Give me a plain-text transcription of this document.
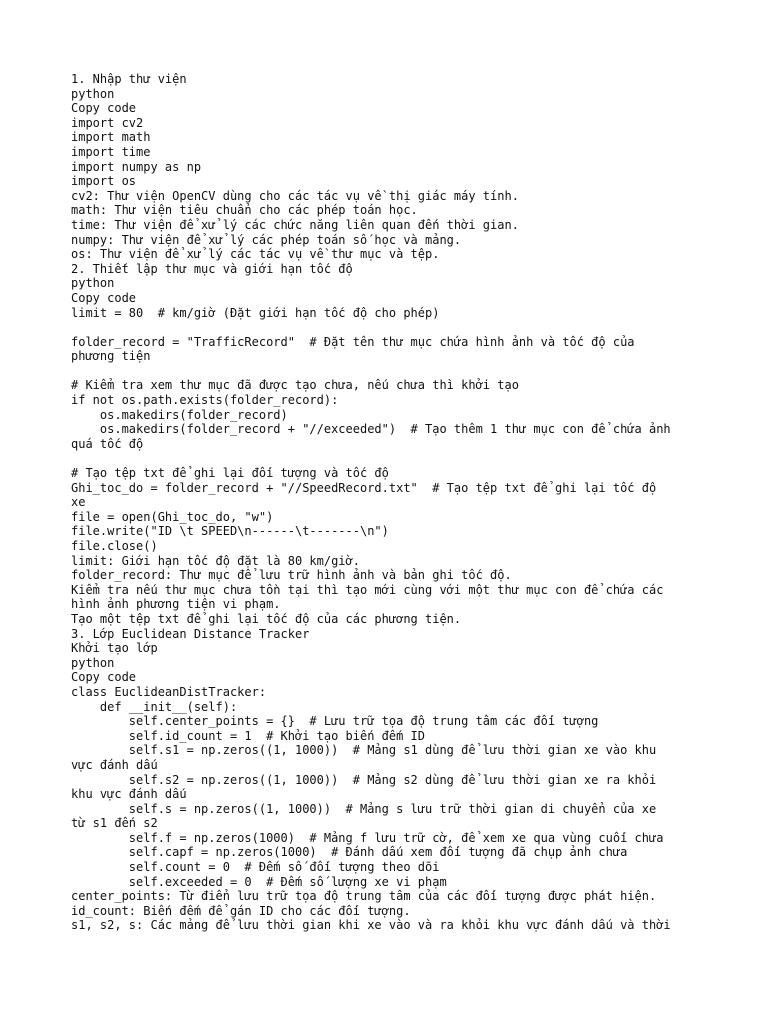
1. Nhập thư viện
python
Copy code
import cv2
import math
import time
import numpy as np
import os
cv2: Thư viện OpenCV dùng cho các tác vụ về thị giác máy tính.
math: Thư viện tiêu chuẩn cho các phép toán học.
time: Thư viện để xử lý các chức năng liên quan đến thời gian.
numpy: Thư viện để xử lý các phép toán số học và mảng.
os: Thư viện để xử lý các tác vụ về thư mục và tệp.
2. Thiết lập thư mục và giới hạn tốc độ
python
Copy code
limit = 80  # km/giờ (Đặt giới hạn tốc độ cho phép)
folder_record = "TrafficRecord"  # Đặt tên thư mục chứa hình ảnh và tốc độ của
phương tiện
# Kiểm tra xem thư mục đã được tạo chưa, nếu chưa thì khởi tạo
if not os.path.exists(folder_record):
os.makedirs(folder_record)
os.makedirs(folder_record + "//exceeded")  # Tạo thêm 1 thư mục con để chứa ảnh
quá tốc độ
# Tạo tệp txt để ghi lại đối tượng và tốc độ
Ghi_toc_do = folder_record + "//SpeedRecord.txt"  # Tạo tệp txt để ghi lại tốc độ
xe
file = open(Ghi_toc_do, "w")
file.write("ID \t SPEED\n------\t-------\n")
file.close()
limit: Giới hạn tốc độ đặt là 80 km/giờ.
folder_record: Thư mục để lưu trữ hình ảnh và bản ghi tốc độ.
Kiểm tra nếu thư mục chưa tồn tại thì tạo mới cùng với một thư mục con để chứa các
hình ảnh phương tiện vi phạm.
Tạo một tệp txt để ghi lại tốc độ của các phương tiện.
3. Lớp Euclidean Distance Tracker
Khởi tạo lớp
python
Copy code
class EuclideanDistTracker:
def __init__(self):
self.center_points = {}  # Lưu trữ tọa độ trung tâm các đối tượng
self.id_count = 1  # Khởi tạo biến đếm ID
self.s1 = np.zeros((1, 1000))  # Mảng s1 dùng để lưu thời gian xe vào khu
vực đánh dấu
self.s2 = np.zeros((1, 1000))  # Mảng s2 dùng để lưu thời gian xe ra khỏi
khu vực đánh dấu
self.s = np.zeros((1, 1000))  # Mảng s lưu trữ thời gian di chuyển của xe
từ s1 đến s2
self.f = np.zeros(1000)  # Mảng f lưu trữ cờ, để xem xe qua vùng cuối chưa
self.capf = np.zeros(1000)  # Đánh dấu xem đối tượng đã chụp ảnh chưa
self.count = 0  # Đếm số đối tượng theo dõi
self.exceeded = 0  # Đếm số lượng xe vi phạm
center_points: Từ điển lưu trữ tọa độ trung tâm của các đối tượng được phát hiện.
id_count: Biến đếm để gán ID cho các đối tượng.
s1, s2, s: Các mảng để lưu thời gian khi xe vào và ra khỏi khu vực đánh dấu và thời
